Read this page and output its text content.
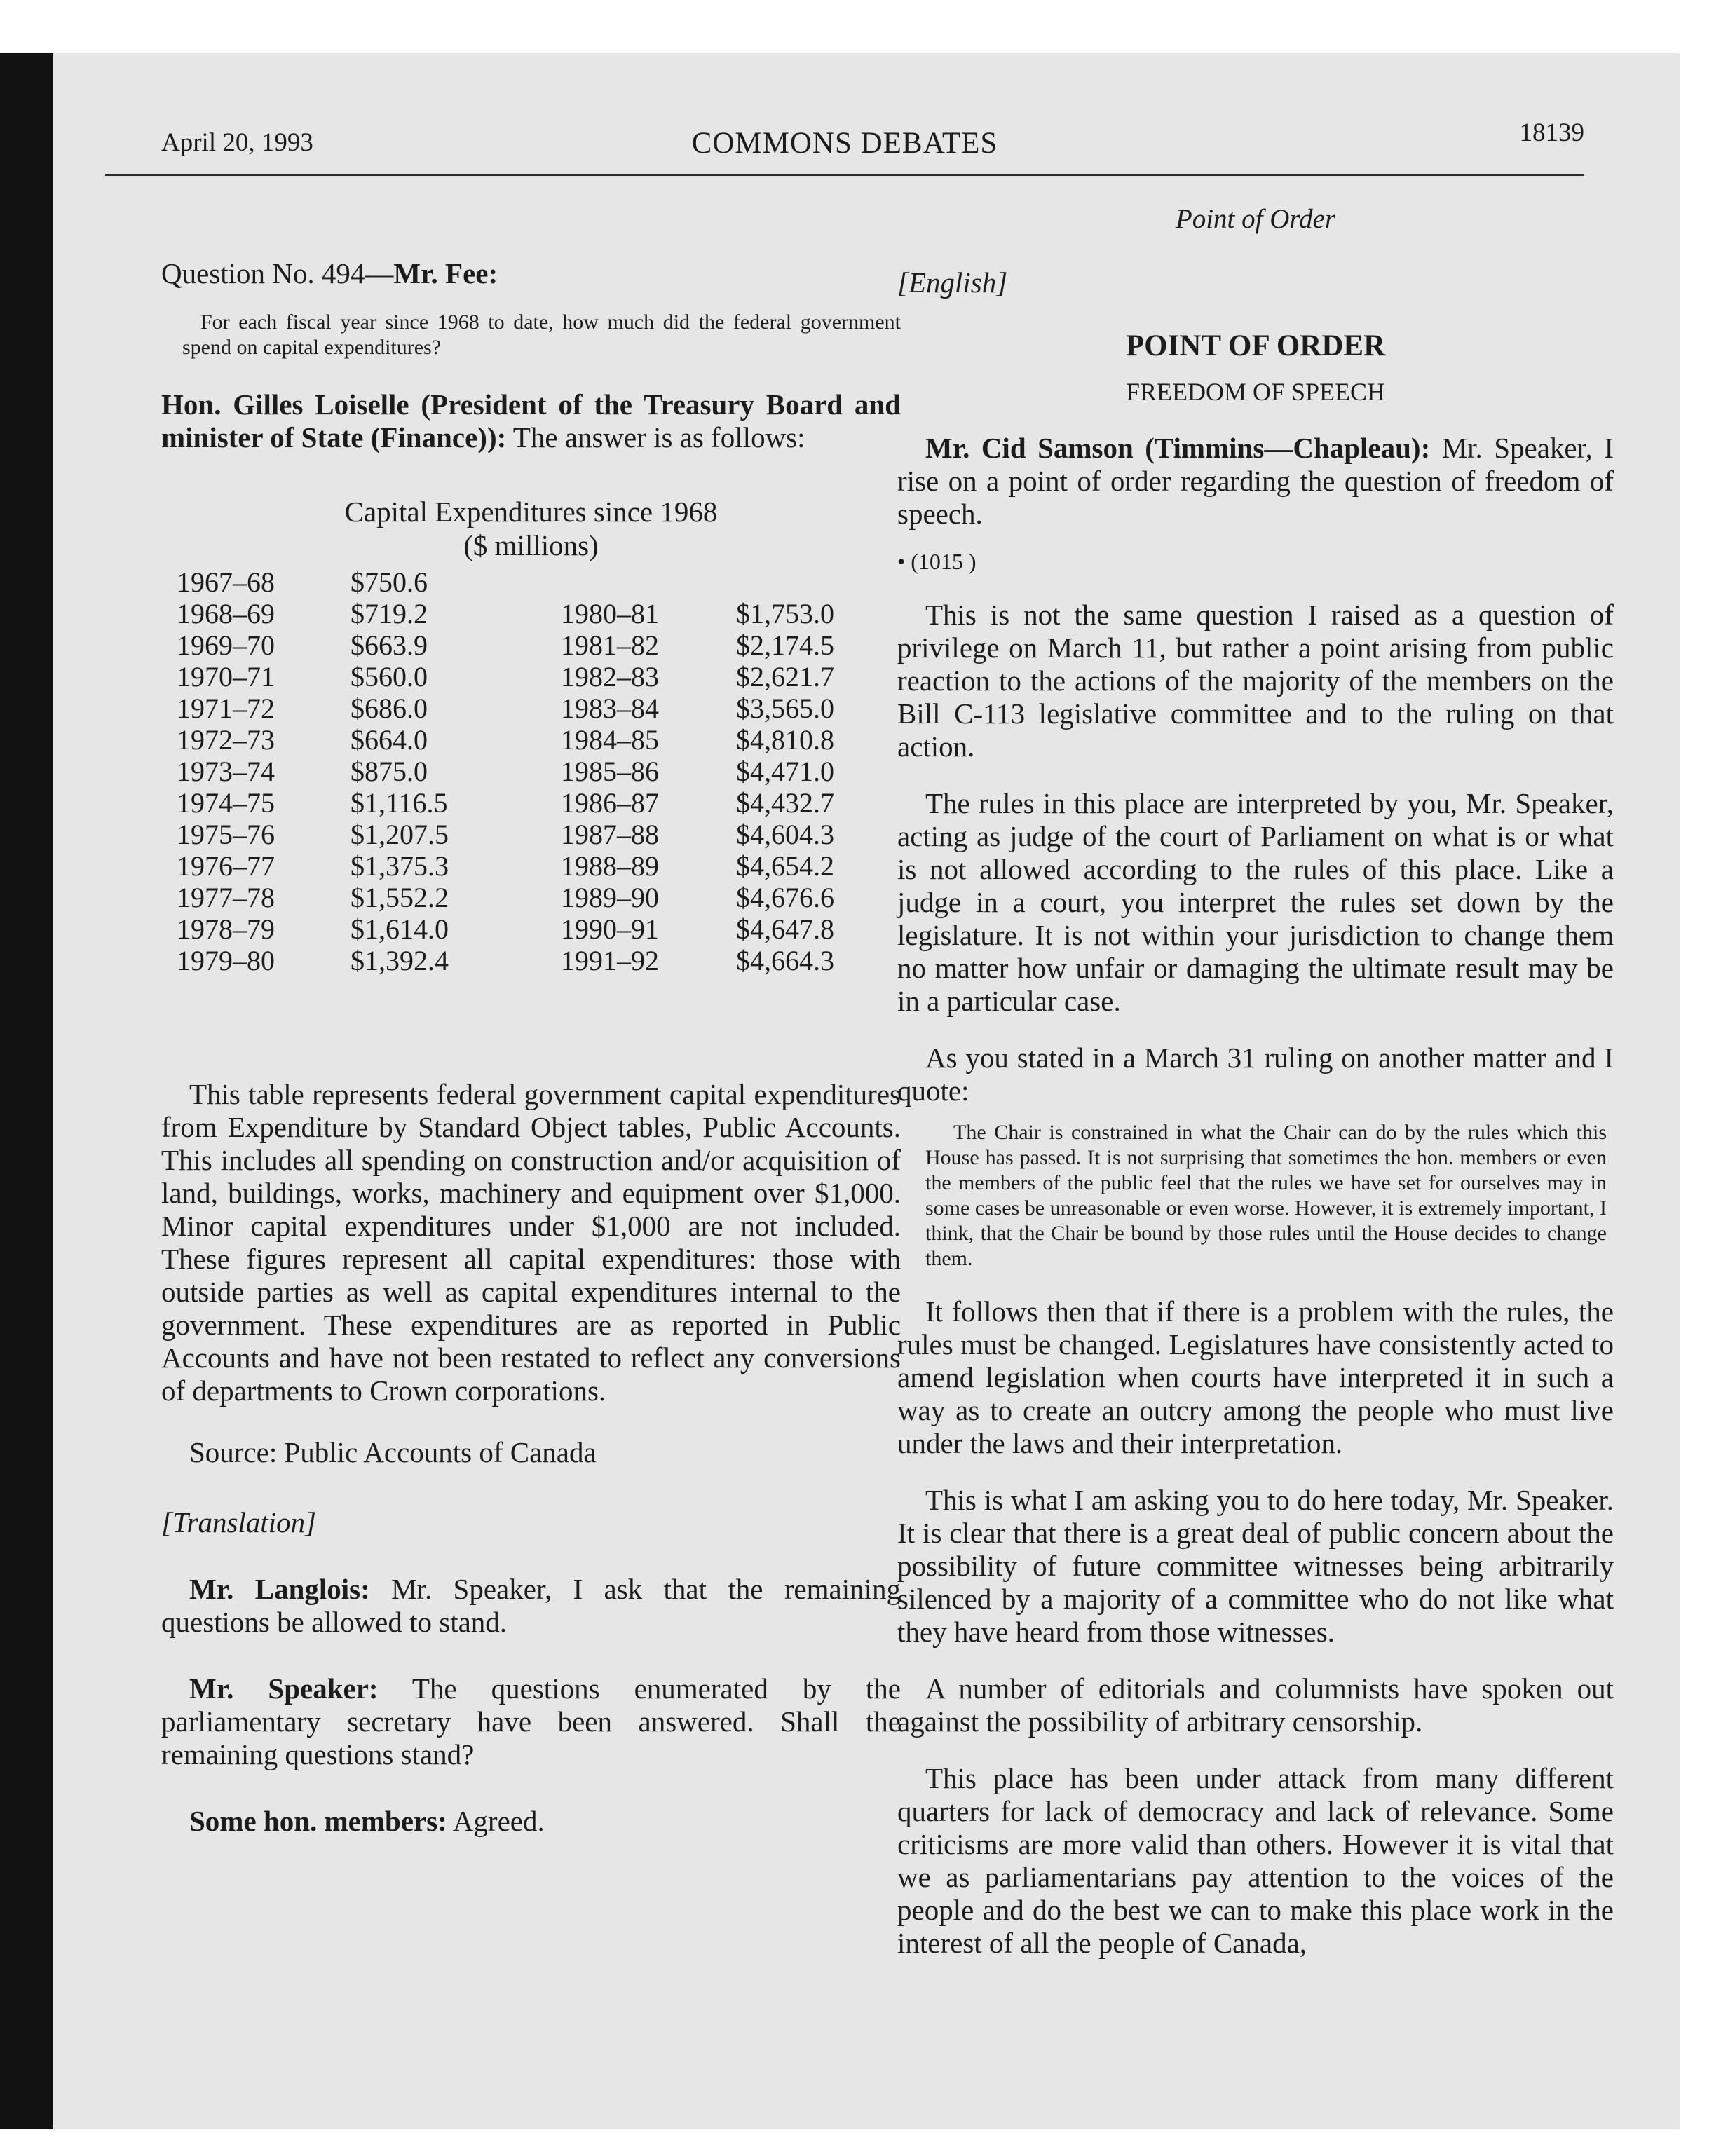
April 20, 1993	COMMONS DEBATES	18139

Question No. 494—Mr. Fee:

For each fiscal year since 1968 to date, how much did the federal government spend on capital expenditures?

Hon. Gilles Loiselle (President of the Treasury Board and minister of State (Finance)): The answer is as follows:

Capital Expenditures since 1968
($ millions)
1967–68	$750.6
1968–69	$719.2	1980–81	$1,753.0
1969–70	$663.9	1981–82	$2,174.5
1970–71	$560.0	1982–83	$2,621.7
1971–72	$686.0	1983–84	$3,565.0
1972–73	$664.0	1984–85	$4,810.8
1973–74	$875.0	1985–86	$4,471.0
1974–75	$1,116.5	1986–87	$4,432.7
1975–76	$1,207.5	1987–88	$4,604.3
1976–77	$1,375.3	1988–89	$4,654.2
1977–78	$1,552.2	1989–90	$4,676.6
1978–79	$1,614.0	1990–91	$4,647.8
1979–80	$1,392.4	1991–92	$4,664.3

This table represents federal government capital expenditures from Expenditure by Standard Object tables, Public Accounts. This includes all spending on construction and/or acquisition of land, buildings, works, machinery and equipment over $1,000. Minor capital expenditures under $1,000 are not included. These figures represent all capital expenditures: those with outside parties as well as capital expenditures internal to the government. These expenditures are as reported in Public Accounts and have not been restated to reflect any conversions of departments to Crown corporations.

Source: Public Accounts of Canada

[Translation]

Mr. Langlois: Mr. Speaker, I ask that the remaining questions be allowed to stand.

Mr. Speaker: The questions enumerated by the parliamentary secretary have been answered. Shall the remaining questions stand?

Some hon. members: Agreed.

Point of Order

[English]

POINT OF ORDER

FREEDOM OF SPEECH

Mr. Cid Samson (Timmins—Chapleau): Mr. Speaker, I rise on a point of order regarding the question of freedom of speech.

• (1015 )

This is not the same question I raised as a question of privilege on March 11, but rather a point arising from public reaction to the actions of the majority of the members on the Bill C-113 legislative committee and to the ruling on that action.

The rules in this place are interpreted by you, Mr. Speaker, acting as judge of the court of Parliament on what is or what is not allowed according to the rules of this place. Like a judge in a court, you interpret the rules set down by the legislature. It is not within your jurisdiction to change them no matter how unfair or damaging the ultimate result may be in a particular case.

As you stated in a March 31 ruling on another matter and I quote:

The Chair is constrained in what the Chair can do by the rules which this House has passed. It is not surprising that sometimes the hon. members or even the members of the public feel that the rules we have set for ourselves may in some cases be unreasonable or even worse. However, it is extremely important, I think, that the Chair be bound by those rules until the House decides to change them.

It follows then that if there is a problem with the rules, the rules must be changed. Legislatures have consistently acted to amend legislation when courts have interpreted it in such a way as to create an outcry among the people who must live under the laws and their interpretation.

This is what I am asking you to do here today, Mr. Speaker. It is clear that there is a great deal of public concern about the possibility of future committee witnesses being arbitrarily silenced by a majority of a committee who do not like what they have heard from those witnesses.

A number of editorials and columnists have spoken out against the possibility of arbitrary censorship.

This place has been under attack from many different quarters for lack of democracy and lack of relevance. Some criticisms are more valid than others. However it is vital that we as parliamentarians pay attention to the voices of the people and do the best we can to make this place work in the interest of all the people of Canada,
